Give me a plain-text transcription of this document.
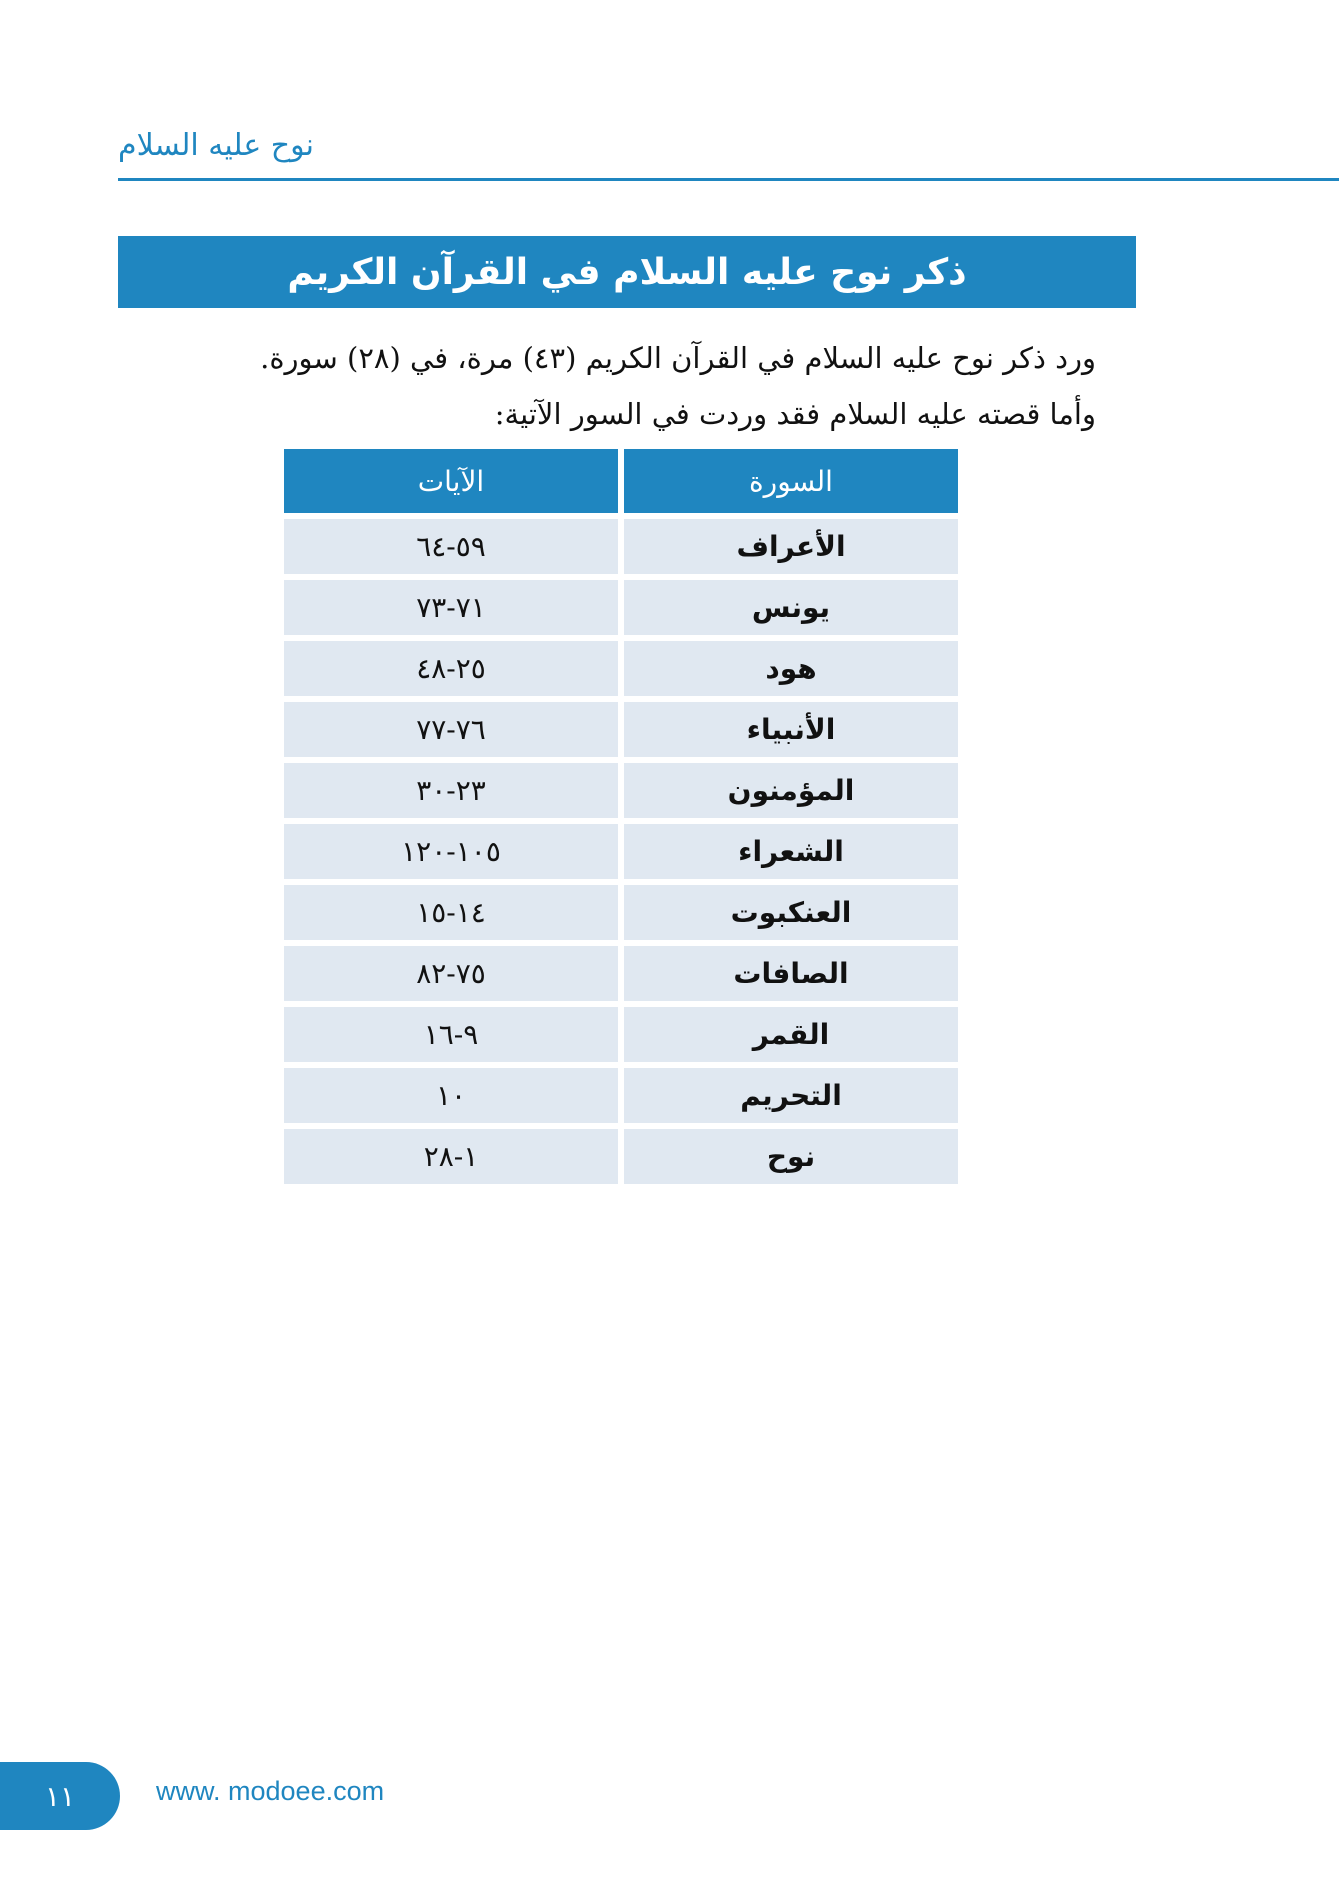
نوح عليه السلام
ذكر نوح عليه السلام في القرآن الكريم

ورد ذكر نوح عليه السلام في القرآن الكريم (٤٣) مرة، في (٢٨) سورة.

وأما قصته عليه السلام فقد وردت في السور الآتية:

السورة	الآيات
الأعراف	٥٩-٦٤
يونس	٧١-٧٣
هود	٢٥-٤٨
الأنبياء	٧٦-٧٧
المؤمنون	٢٣-٣٠
الشعراء	١٠٥-١٢٠
العنكبوت	١٤-١٥
الصافات	٧٥-٨٢
القمر	٩-١٦
التحريم	١٠
نوح	١-٢٨
١١	www. modoee.com
